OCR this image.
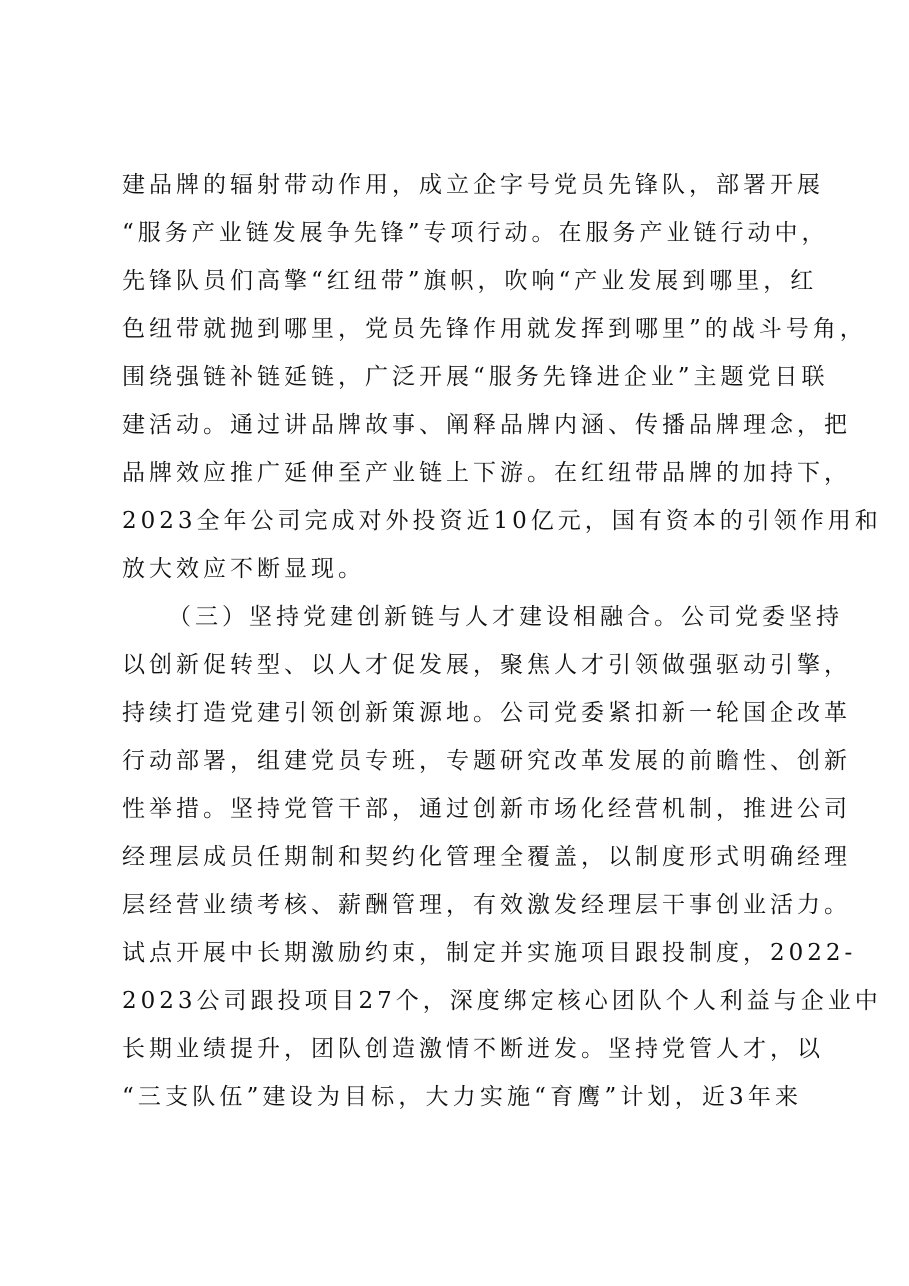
建品牌的辐射带动作用，成立企字号党员先锋队，部署开展
“服务产业链发展争先锋”专项行动。在服务产业链行动中，
先锋队员们高擎“红纽带”旗帜，吹响“产业发展到哪里，红
色纽带就抛到哪里，党员先锋作用就发挥到哪里”的战斗号角，
围绕强链补链延链，广泛开展“服务先锋进企业”主题党日联
建活动。通过讲品牌故事、阐释品牌内涵、传播品牌理念，把
品牌效应推广延伸至产业链上下游。在红纽带品牌的加持下，
2023全年公司完成对外投资近10亿元，国有资本的引领作用和
放大效应不断显现。
（三）坚持党建创新链与人才建设相融合。公司党委坚持
以创新促转型、以人才促发展，聚焦人才引领做强驱动引擎，
持续打造党建引领创新策源地。公司党委紧扣新一轮国企改革
行动部署，组建党员专班，专题研究改革发展的前瞻性、创新
性举措。坚持党管干部，通过创新市场化经营机制，推进公司
经理层成员任期制和契约化管理全覆盖，以制度形式明确经理
层经营业绩考核、薪酬管理，有效激发经理层干事创业活力。
试点开展中长期激励约束，制定并实施项目跟投制度，2022-
2023公司跟投项目27个，深度绑定核心团队个人利益与企业中
长期业绩提升，团队创造激情不断迸发。坚持党管人才，以
“三支队伍”建设为目标，大力实施“育鹰”计划，近3年来
